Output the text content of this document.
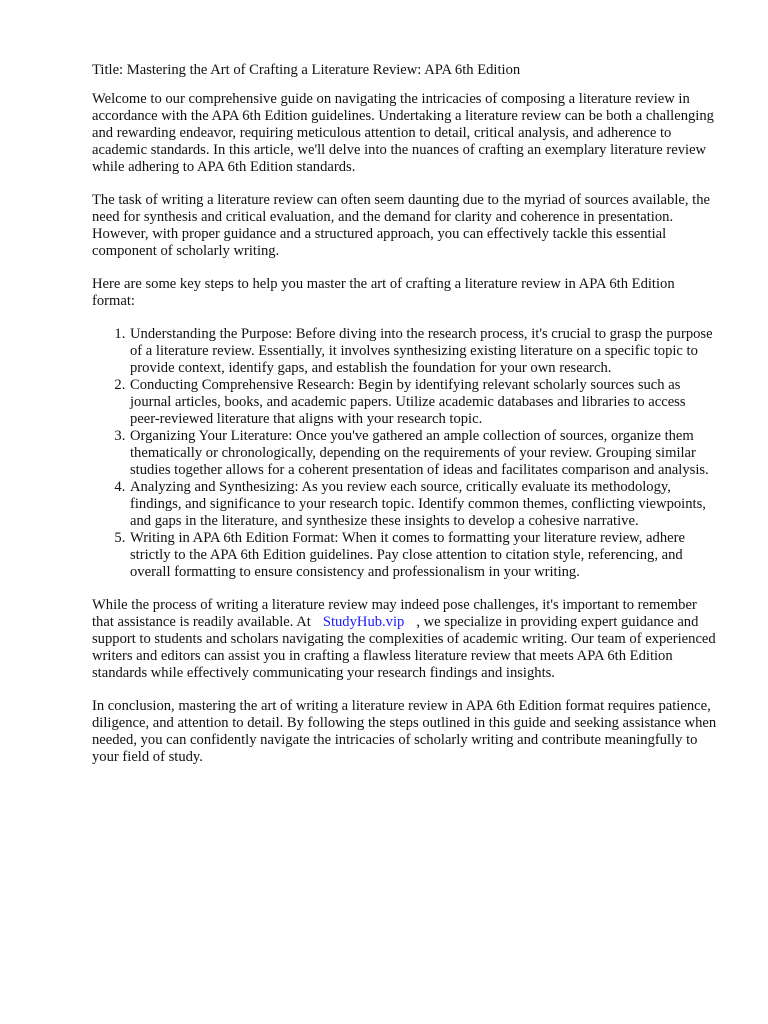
Title: Mastering the Art of Crafting a Literature Review: APA 6th Edition

Welcome to our comprehensive guide on navigating the intricacies of composing a literature review in accordance with the APA 6th Edition guidelines. Undertaking a literature review can be both a challenging and rewarding endeavor, requiring meticulous attention to detail, critical analysis, and adherence to academic standards. In this article, we'll delve into the nuances of crafting an exemplary literature review while adhering to APA 6th Edition standards.

The task of writing a literature review can often seem daunting due to the myriad of sources available, the need for synthesis and critical evaluation, and the demand for clarity and coherence in presentation. However, with proper guidance and a structured approach, you can effectively tackle this essential component of scholarly writing.

Here are some key steps to help you master the art of crafting a literature review in APA 6th Edition format:

1. Understanding the Purpose: Before diving into the research process, it's crucial to grasp the purpose of a literature review. Essentially, it involves synthesizing existing literature on a specific topic to provide context, identify gaps, and establish the foundation for your own research.
2. Conducting Comprehensive Research: Begin by identifying relevant scholarly sources such as journal articles, books, and academic papers. Utilize academic databases and libraries to access peer-reviewed literature that aligns with your research topic.
3. Organizing Your Literature: Once you've gathered an ample collection of sources, organize them thematically or chronologically, depending on the requirements of your review. Grouping similar studies together allows for a coherent presentation of ideas and facilitates comparison and analysis.
4. Analyzing and Synthesizing: As you review each source, critically evaluate its methodology, findings, and significance to your research topic. Identify common themes, conflicting viewpoints, and gaps in the literature, and synthesize these insights to develop a cohesive narrative.
5. Writing in APA 6th Edition Format: When it comes to formatting your literature review, adhere strictly to the APA 6th Edition guidelines. Pay close attention to citation style, referencing, and overall formatting to ensure consistency and professionalism in your writing.

While the process of writing a literature review may indeed pose challenges, it's important to remember that assistance is readily available. At StudyHub.vip , we specialize in providing expert guidance and support to students and scholars navigating the complexities of academic writing. Our team of experienced writers and editors can assist you in crafting a flawless literature review that meets APA 6th Edition standards while effectively communicating your research findings and insights.

In conclusion, mastering the art of writing a literature review in APA 6th Edition format requires patience, diligence, and attention to detail. By following the steps outlined in this guide and seeking assistance when needed, you can confidently navigate the intricacies of scholarly writing and contribute meaningfully to your field of study.
